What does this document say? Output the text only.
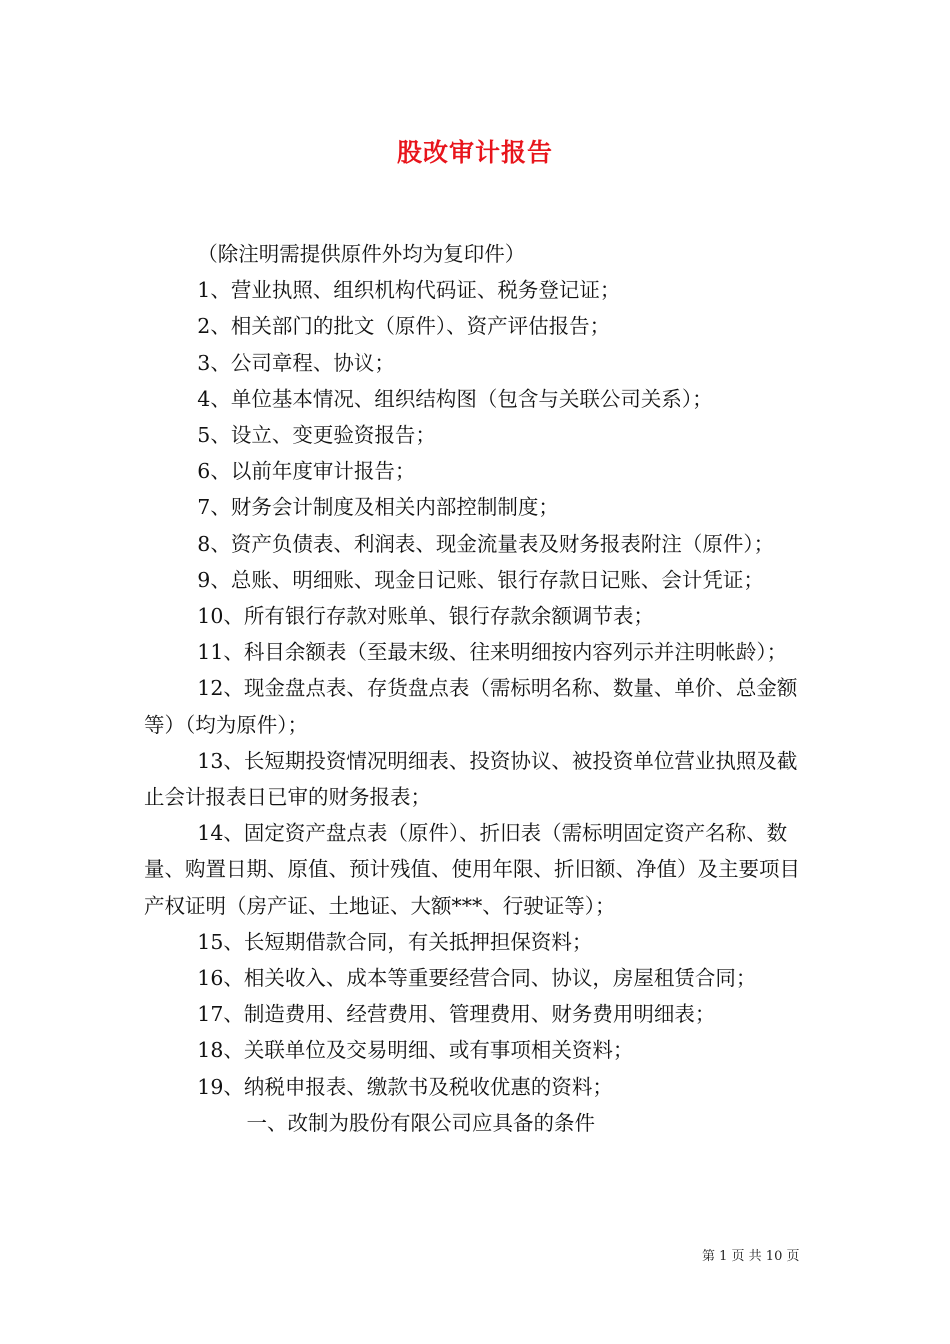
股改审计报告

（除注明需提供原件外均为复印件）

1、营业执照、组织机构代码证、税务登记证；

2、相关部门的批文（原件）、资产评估报告；

3、公司章程、协议；

4、单位基本情况、组织结构图（包含与关联公司关系）；

5、设立、变更验资报告；

6、以前年度审计报告；

7、财务会计制度及相关内部控制制度；

8、资产负债表、利润表、现金流量表及财务报表附注（原件）；

9、总账、明细账、现金日记账、银行存款日记账、会计凭证；

10、所有银行存款对账单、银行存款余额调节表；

11、科目余额表（至最末级、往来明细按内容列示并注明帐龄）；

12、现金盘点表、存货盘点表（需标明名称、数量、单价、总金额等）（均为原件）；

13、长短期投资情况明细表、投资协议、被投资单位营业执照及截止会计报表日已审的财务报表；

14、固定资产盘点表（原件）、折旧表（需标明固定资产名称、数量、购置日期、原值、预计残值、使用年限、折旧额、净值）及主要项目产权证明（房产证、土地证、大额***、行驶证等）；

15、长短期借款合同，有关抵押担保资料；

16、相关收入、成本等重要经营合同、协议，房屋租赁合同；

17、制造费用、经营费用、管理费用、财务费用明细表；

18、关联单位及交易明细、或有事项相关资料；

19、纳税申报表、缴款书及税收优惠的资料；

一、改制为股份有限公司应具备的条件

第 1 页 共 10 页
